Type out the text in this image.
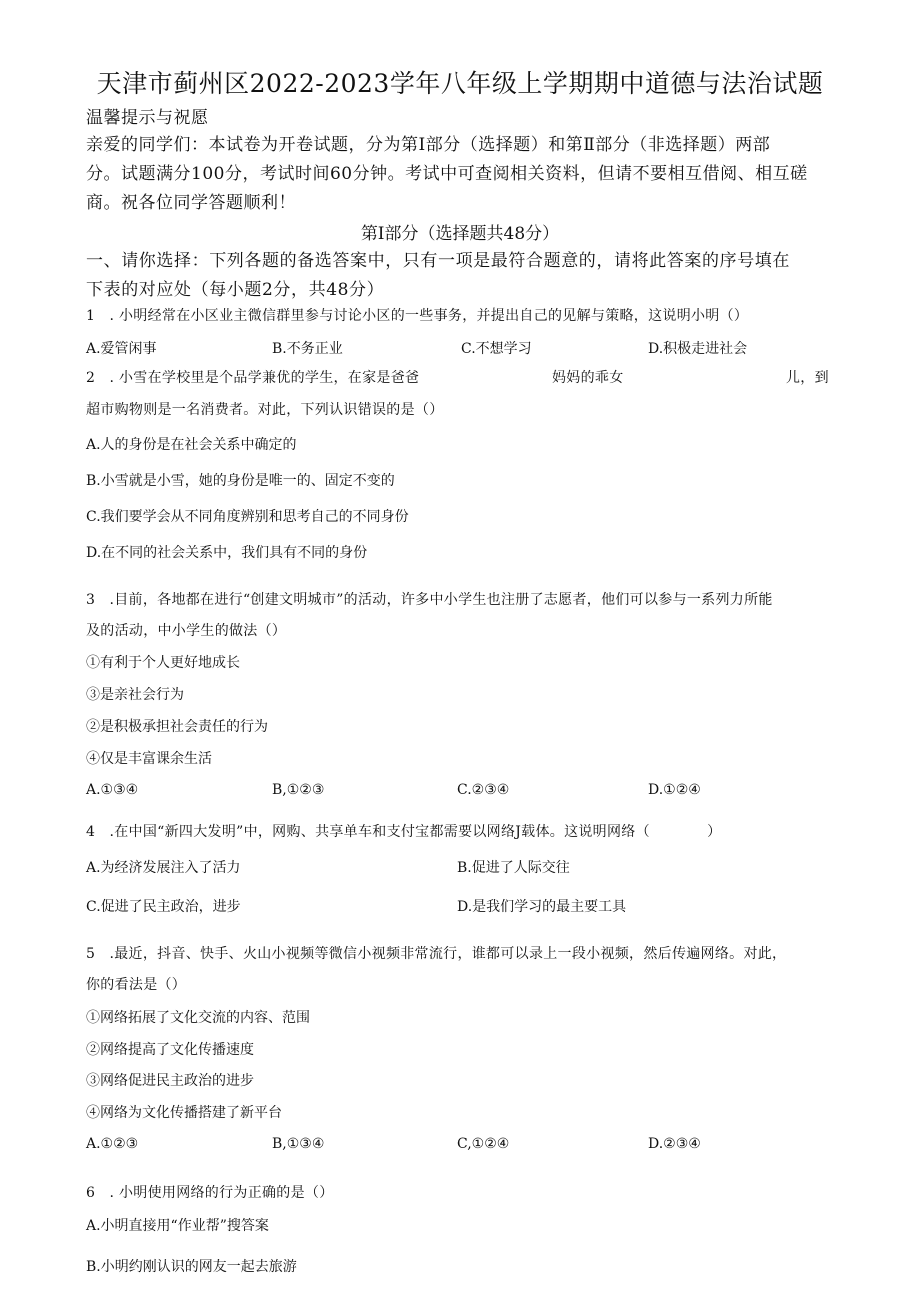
天津市蓟州区2022-2023学年八年级上学期期中道德与法治试题
温馨提示与祝愿
亲爱的同学们：本试卷为开卷试题，分为第Ⅰ部分（选择题）和第Ⅱ部分（非选择题）两部
分。试题满分100分，考试时间60分钟。考试中可查阅相关资料，但请不要相互借阅、相互磋
商。祝各位同学答题顺利！
第Ⅰ部分（选择题共48分）
一、请你选择：下列各题的备选答案中，只有一项是最符合题意的，请将此答案的序号填在
下表的对应处（每小题2分，共48分）
1　. 小明经常在小区业主微信群里参与讨论小区的一些事务，并提出自己的见解与策略，这说明小明（）
A.爱管闲事	B.不务正业	C.不想学习	D.积极走进社会
2　. 小雪在学校里是个品学兼优的学生，在家是爸爸	妈妈的乖女	儿，到
超市购物则是一名消费者。对此，下列认识错误的是（）
A.人的身份是在社会关系中确定的
B.小雪就是小雪，她的身份是唯一的、固定不变的
C.我们要学会从不同角度辨别和思考自己的不同身份
D.在不同的社会关系中，我们具有不同的身份
3　.目前，各地都在进行“创建文明城市”的活动，许多中小学生也注册了志愿者，他们可以参与一系列力所能
及的活动，中小学生的做法（）
①有利于个人更好地成长
③是亲社会行为
②是积极承担社会责任的行为
④仅是丰富课余生活
A.①③④	B,①②③	C.②③④	D.①②④
4　.在中国“新四大发明”中，网购、共享单车和支付宝都需要以网络J载体。这说明网络（　　　　）
A.为经济发展注入了活力	B.促进了人际交往
C.促进了民主政治，进步	D.是我们学习的最主要工具
5　.最近，抖音、快手、火山小视频等微信小视频非常流行，谁都可以录上一段小视频，然后传遍网络。对此，
你的看法是（）
①网络拓展了文化交流的内容、范围
②网络提高了文化传播速度
③网络促进民主政治的进步
④网络为文化传播搭建了新平台
A.①②③	B,①③④	C,①②④	D.②③④
6　. 小明使用网络的行为正确的是（）
A.小明直接用“作业帮”搜答案
B.小明约刚认识的网友一起去旅游
